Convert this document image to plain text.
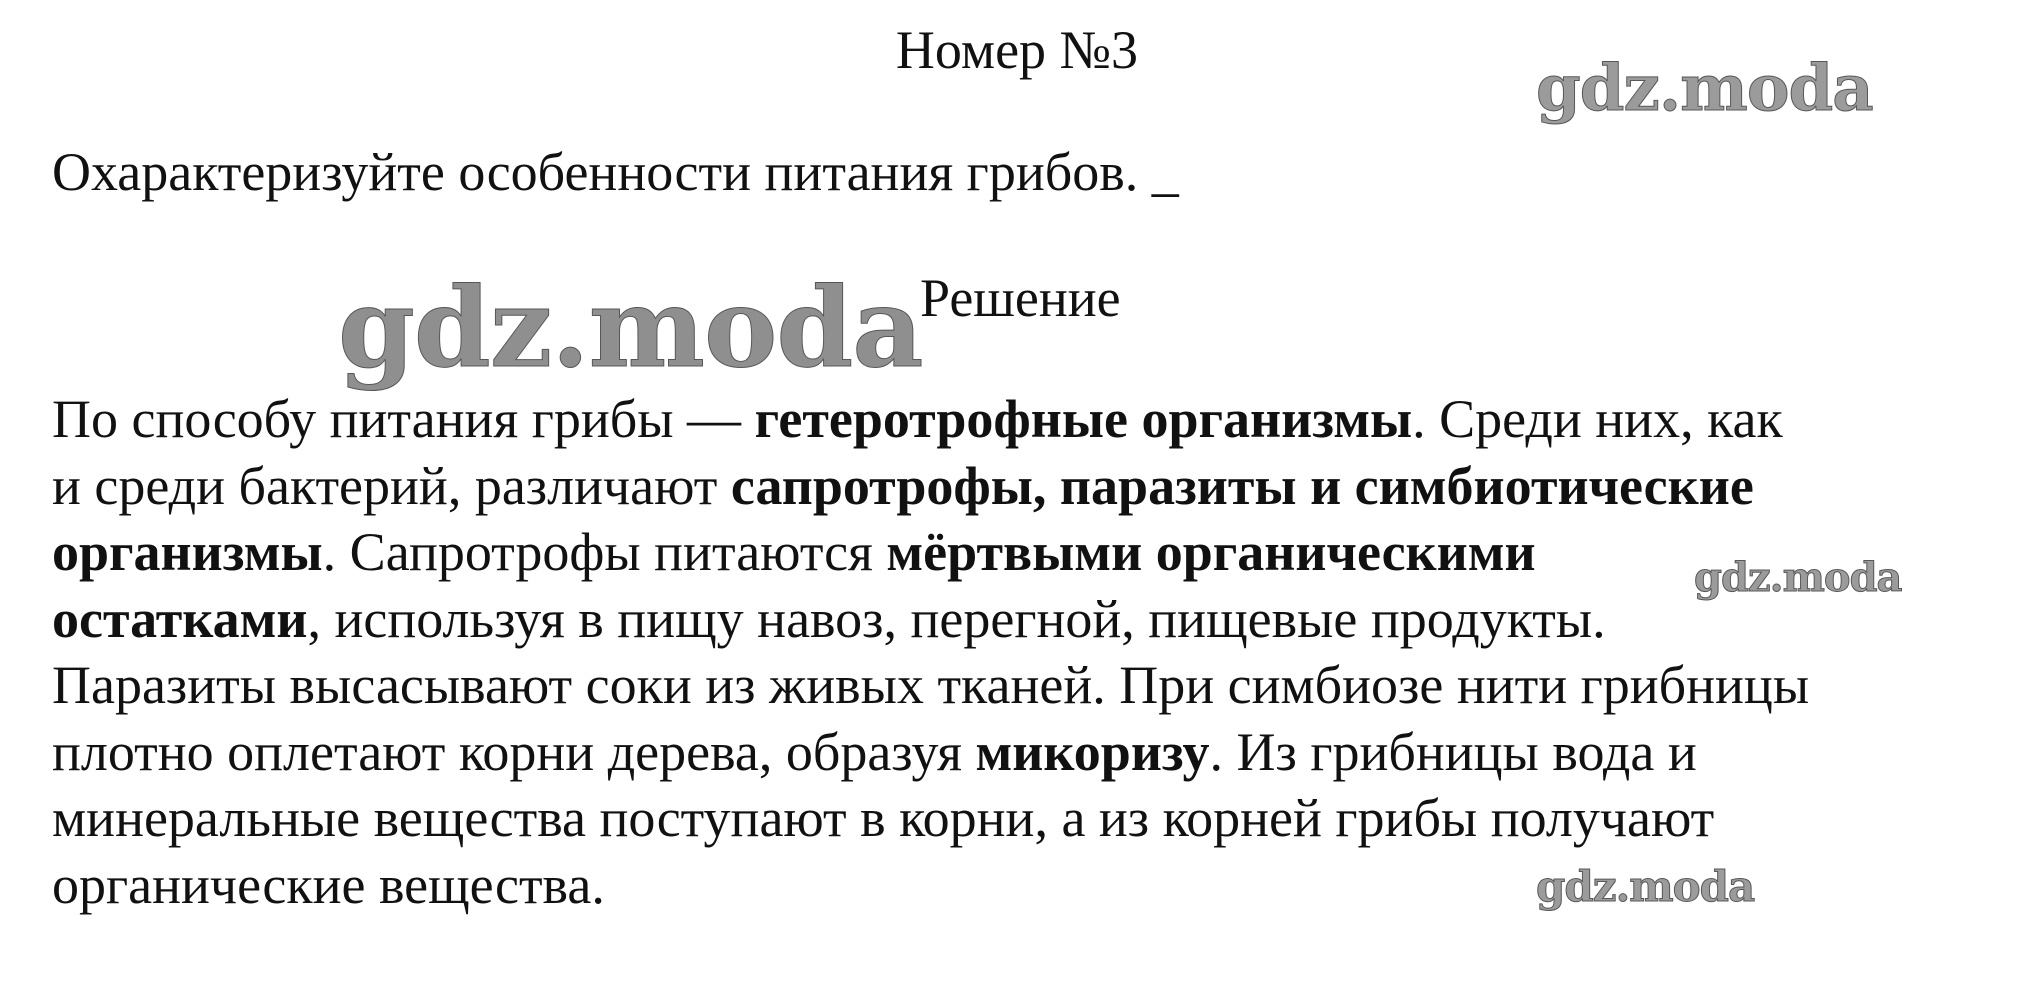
Номер №3
gdz.moda
Охарактеризуйте особенности питания грибов. _
gdz.moda
Решение
По способу питания грибы — гетеротрофные организмы. Среди них, как
и среди бактерий, различают сапротрофы, паразиты и симбиотические
организмы. Сапротрофы питаются мёртвыми органическими
остатками, используя в пищу навоз, перегной, пищевые продукты.
Паразиты высасывают соки из живых тканей. При симбиозе нити грибницы
плотно оплетают корни дерева, образуя микоризу. Из грибницы вода и
минеральные вещества поступают в корни, а из корней грибы получают
органические вещества.
gdz.moda
gdz.moda
